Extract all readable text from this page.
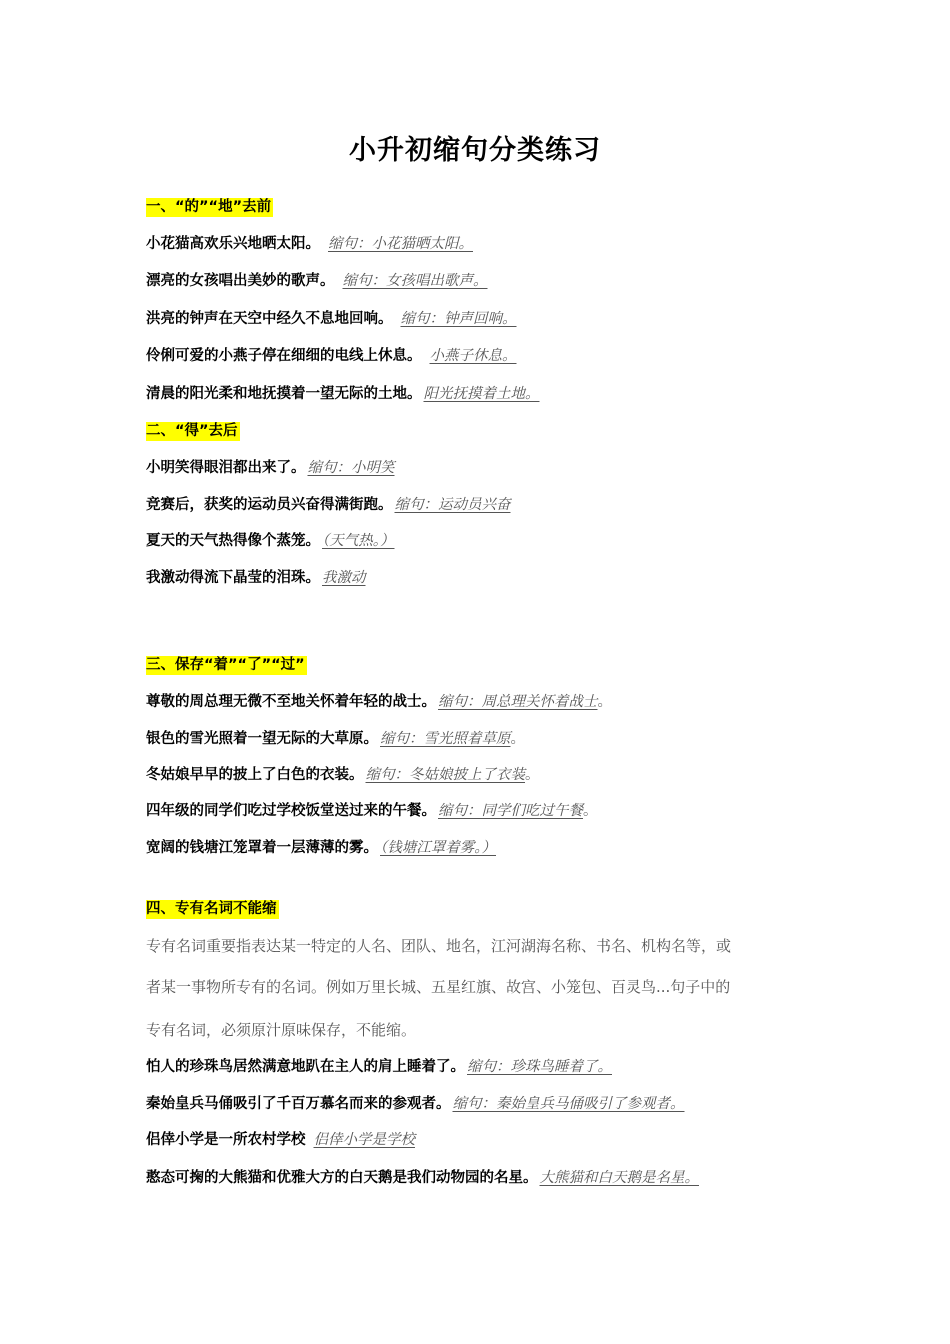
小升初缩句分类练习
一、“的”“地”去前
小花猫高欢乐兴地晒太阳。 缩句：小花猫晒太阳。
漂亮的女孩唱出美妙的歌声。 缩句：女孩唱出歌声。
洪亮的钟声在天空中经久不息地回响。 缩句：钟声回响。
伶俐可爱的小燕子停在细细的电线上休息。 小燕子休息。
清晨的阳光柔和地抚摸着一望无际的土地。 阳光抚摸着土地。
二、“得”去后
小明笑得眼泪都出来了。 缩句：小明笑
竞赛后，获奖的运动员兴奋得满街跑。 缩句：运动员兴奋
夏天的天气热得像个蒸笼。 （天气热。）
我激动得流下晶莹的泪珠。 我激动
三、保存“着”“了”“过”
尊敬的周总理无微不至地关怀着年轻的战士。 缩句：周总理关怀着战士。
银色的雪光照着一望无际的大草原。 缩句：雪光照着草原。
冬姑娘早早的披上了白色的衣装。 缩句：冬姑娘披上了衣装。
四年级的同学们吃过学校饭堂送过来的午餐。 缩句：同学们吃过午餐。
宽阔的钱塘江笼罩着一层薄薄的雾。 （钱塘江罩着雾。）
四、专有名词不能缩
专有名词重要指表达某一特定的人名、团队、地名，江河湖海名称、书名、机构名等，或
者某一事物所专有的名词。例如万里长城、五星红旗、故宫、小笼包、百灵鸟...句子中的
专有名词，必须原汁原味保存，不能缩。
怕人的珍珠鸟居然满意地趴在主人的肩上睡着了。 缩句：珍珠鸟睡着了。
秦始皇兵马俑吸引了千百万慕名而来的参观者。 缩句：秦始皇兵马俑吸引了参观者。
侣倖小学是一所农村学校 侣倖小学是学校
憨态可掬的大熊猫和优雅大方的白天鹅是我们动物园的名星。 大熊猫和白天鹅是名星。
